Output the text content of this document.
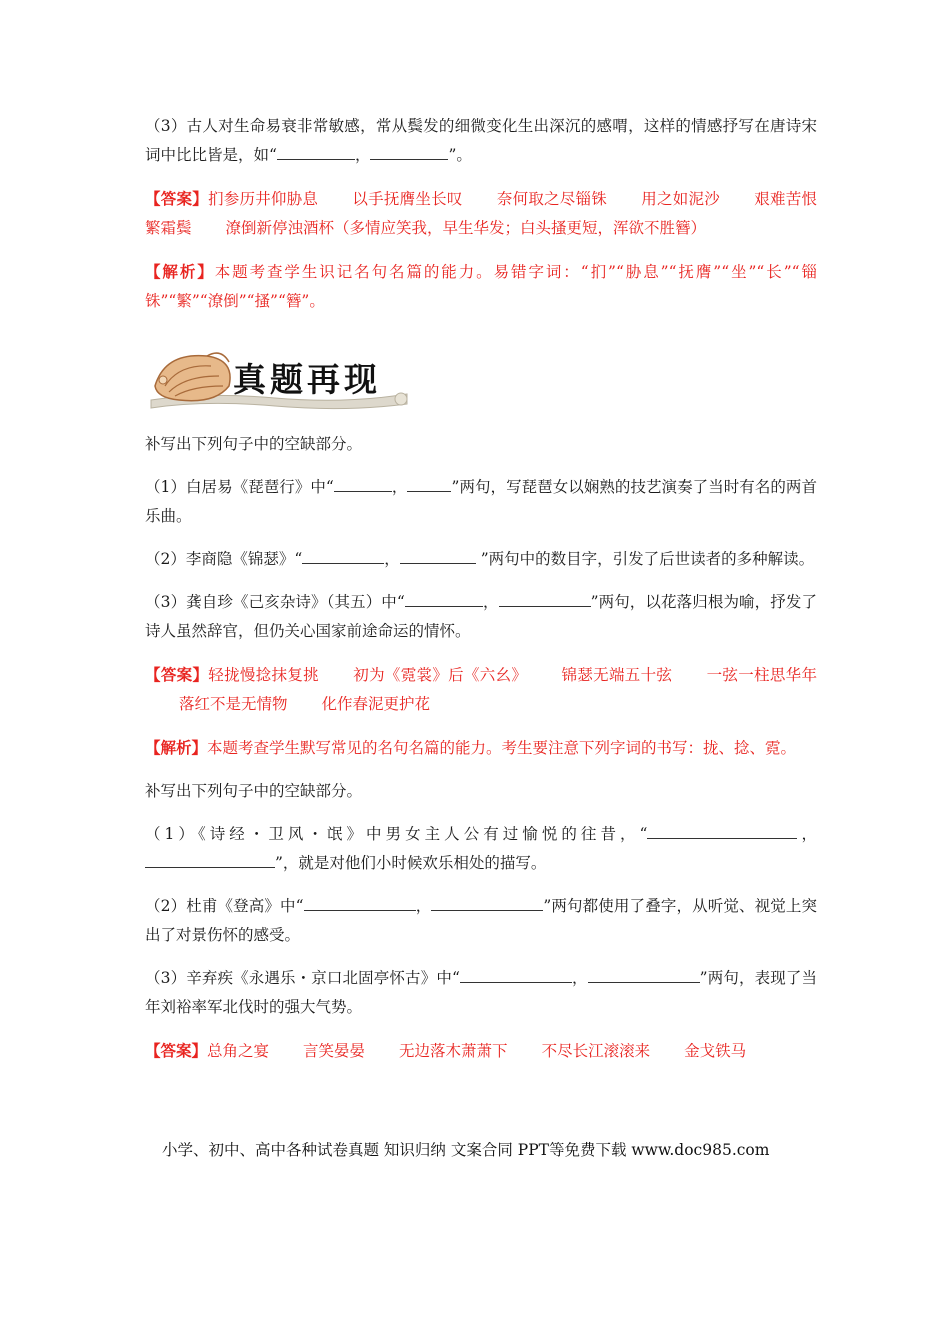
（3）古人对生命易衰非常敏感，常从鬓发的细微变化生出深沉的感喟，这样的情感抒写在唐诗宋词中比比皆是，如“	，	”。

【答案】扪参历井仰胁息 以手抚膺坐长叹 奈何取之尽锱铢 用之如泥沙 艰难苦恨繁霜鬓 潦倒新停浊酒杯（多情应笑我，早生华发；白头搔更短，浑欲不胜簪）

【解析】本题考查学生识记名句名篇的能力。易错字词：“扪”“胁息”“抚膺”“坐”“长”“锱铢”“繁”“潦倒”“搔”“簪”。

真题再现

补写出下列句子中的空缺部分。

（1）白居易《琵琶行》中“	，	”两句，写琵琶女以娴熟的技艺演奏了当时有名的两首乐曲。

（2）李商隐《锦瑟》“	，	”两句中的数目字，引发了后世读者的多种解读。

（3）龚自珍《己亥杂诗》（其五）中“	，	”两句，以花落归根为喻，抒发了诗人虽然辞官，但仍关心国家前途命运的情怀。

【答案】轻拢慢捻抹复挑 初为《霓裳》后《六幺》 锦瑟无端五十弦 一弦一柱思华年落红不是无情物 化作春泥更护花

【解析】本题考查学生默写常见的名句名篇的能力。考生要注意下列字词的书写：拢、捻、霓。

补写出下列句子中的空缺部分。

（1）《诗经・卫风・氓》中男女主人公有过愉悦的往昔，“	，”，就是对他们小时候欢乐相处的描写。

（2）杜甫《登高》中“	，	”两句都使用了叠字，从听觉、视觉上突出了对景伤怀的感受。

（3）辛弃疾《永遇乐・京口北固亭怀古》中“	，	”两句，表现了当年刘裕率军北伐时的强大气势。

【答案】总角之宴 言笑晏晏 无边落木萧萧下 不尽长江滚滚来 金戈铁马

小学、初中、高中各种试卷真题 知识归纳 文案合同 PPT等免费下载 www.doc985.com
